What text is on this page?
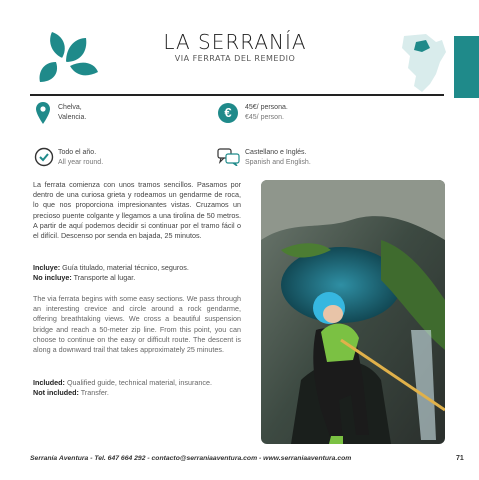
LA SERRANÍA
VIA FERRATA DEL REMEDIO
Chelva,
Valencia.	€	45€/ persona.
€45/ person.
Todo el año.
All year round.
Castellano e Inglés.
Spanish and English.
La ferrata comienza con unos tramos sencillos. Pasamos por dentro de una curiosa grieta y rodeamos un gendarme de roca, lo que nos proporciona impresionantes vistas. Cruzamos un precioso puente colgante y llegamos a una tirolina de 50 metros. A partir de aquí podemos decidir si continuar por el tramo fácil o el difícil. Descenso por senda en bajada, 25 minutos.
Incluye: Guía titulado, material técnico, seguros.
No incluye: Transporte al lugar.
The via ferrata begins with some easy sections. We pass through an interesting crevice and circle around a rock gendarme, offering breathtaking views. We cross a beautiful suspension bridge and reach a 50-meter zip line. From this point, you can choose to continue on the easy or difficult route. The descent is along a downward trail that takes approximately 25 minutes.
Included: Qualified guide, technical material, insurance.
Not included: Transfer.
Serranía Aventura - Tel. 647 664 292 - contacto@serraniaaventura.com - www.serraniaaventura.com	71
